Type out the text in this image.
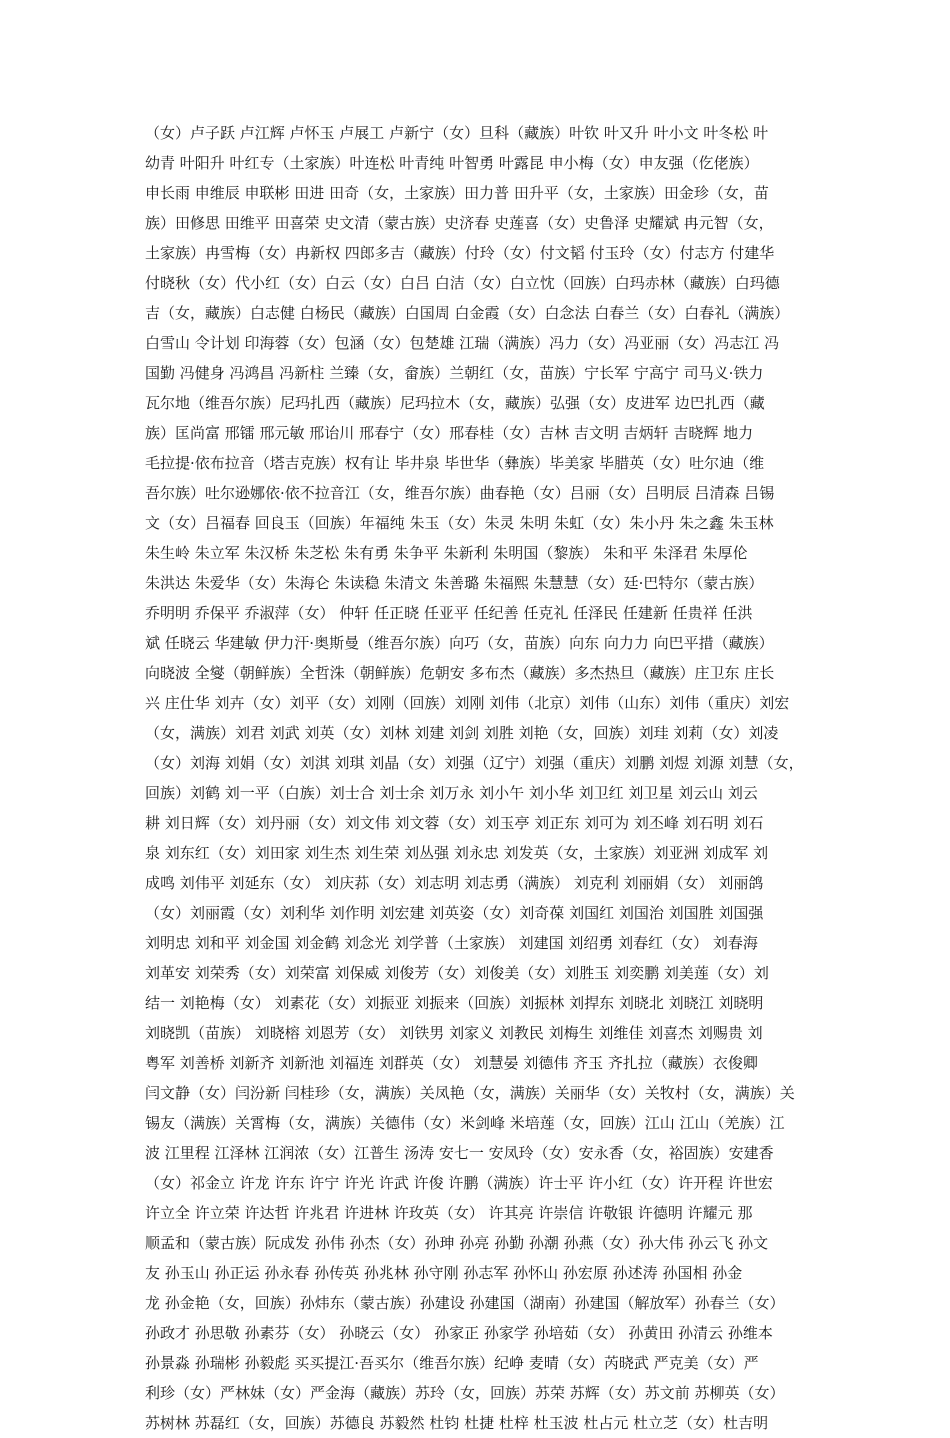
（女）卢子跃 卢江辉 卢怀玉 卢展工 卢新宁（女）旦科（藏族）叶钦 叶又升 叶小文 叶冬松 叶
幼青 叶阳升 叶红专（土家族）叶连松 叶青纯 叶智勇 叶露昆 申小梅（女）申友强（仡佬族）
申长雨 申维辰 申联彬 田进 田奇（女，土家族）田力普 田升平（女，土家族）田金珍（女，苗
族）田修思 田维平 田喜荣 史文清（蒙古族）史济春 史莲喜（女）史鲁泽 史耀斌 冉元智（女，
土家族）冉雪梅（女）冉新权 四郎多吉（藏族）付玲（女）付文韬 付玉玲（女）付志方 付建华
付晓秋（女）代小红（女）白云（女）白吕 白洁（女）白立忱（回族）白玛赤林（藏族）白玛德
吉（女，藏族）白志健 白杨民（藏族）白国周 白金霞（女）白念法 白春兰（女）白春礼（满族）
白雪山 令计划 印海蓉（女）包涵（女）包楚雄 江瑞（满族）冯力（女）冯亚丽（女）冯志江 冯
国勤 冯健身 冯鸿昌 冯新柱 兰臻（女，畲族）兰朝红（女，苗族）宁长军 宁高宁 司马义·铁力
瓦尔地（维吾尔族）尼玛扎西（藏族）尼玛拉木（女，藏族）弘强（女）皮进军 边巴扎西（藏
族）匡尚富 邢镭 邢元敏 邢诒川 邢春宁（女）邢春桂（女）吉林 吉文明 吉炳轩 吉晓辉 地力
毛拉提·依布拉音（塔吉克族）权有让 毕井泉 毕世华（彝族）毕美家 毕腊英（女）吐尔迪（维
吾尔族）吐尔逊娜依·依不拉音江（女，维吾尔族）曲春艳（女）吕丽（女）吕明辰 吕清森 吕锡
文（女）吕福春 回良玉（回族）年福纯 朱玉（女）朱灵 朱明 朱虹（女）朱小丹 朱之鑫 朱玉林
朱生岭 朱立军 朱汉桥 朱芝松 朱有勇 朱争平 朱新利 朱明国（黎族） 朱和平 朱泽君 朱厚伦
朱洪达 朱爱华（女）朱海仑 朱读稳 朱清文 朱善璐 朱福熙 朱慧慧（女）廷·巴特尔（蒙古族）
乔明明 乔保平 乔淑萍（女） 仲轩 任正晓 任亚平 任纪善 任克礼 任泽民 任建新 任贵祥 任洪
斌 任晓云 华建敏 伊力汗·奥斯曼（维吾尔族）向巧（女，苗族）向东 向力力 向巴平措（藏族）
向晓波 全燮（朝鲜族）全哲洙（朝鲜族）危朝安 多布杰（藏族）多杰热旦（藏族）庄卫东 庄长
兴 庄仕华 刘卉（女）刘平（女）刘刚（回族）刘刚 刘伟（北京）刘伟（山东）刘伟（重庆）刘宏
（女，满族）刘君 刘武 刘英（女）刘林 刘建 刘剑 刘胜 刘艳（女，回族）刘珪 刘莉（女）刘凌
（女）刘海 刘娟（女）刘淇 刘琪 刘晶（女）刘强（辽宁）刘强（重庆）刘鹏 刘煜 刘源 刘慧（女，
回族）刘鹤 刘一平（白族）刘士合 刘士余 刘万永 刘小午 刘小华 刘卫红 刘卫星 刘云山 刘云
耕 刘日辉（女）刘丹丽（女）刘文伟 刘文蓉（女）刘玉亭 刘正东 刘可为 刘丕峰 刘石明 刘石
泉 刘东红（女）刘田家 刘生杰 刘生荣 刘丛强 刘永忠 刘发英（女，土家族）刘亚洲 刘成军 刘
成鸣 刘伟平 刘延东（女） 刘庆荪（女）刘志明 刘志勇（满族） 刘克利 刘丽娟（女） 刘丽鸽
（女）刘丽霞（女）刘利华 刘作明 刘宏建 刘英姿（女）刘奇葆 刘国红 刘国治 刘国胜 刘国强
刘明忠 刘和平 刘金国 刘金鹤 刘念光 刘学普（土家族） 刘建国 刘绍勇 刘春红（女） 刘春海
刘革安 刘荣秀（女）刘荣富 刘保威 刘俊芳（女）刘俊美（女）刘胜玉 刘奕鹏 刘美莲（女）刘
结一 刘艳梅（女） 刘素花（女）刘振亚 刘振来（回族）刘振林 刘捍东 刘晓北 刘晓江 刘晓明
刘晓凯（苗族） 刘晓榕 刘恩芳（女） 刘铁男 刘家义 刘教民 刘梅生 刘维佳 刘喜杰 刘赐贵 刘
粤军 刘善桥 刘新齐 刘新池 刘福连 刘群英（女） 刘慧晏 刘德伟 齐玉 齐扎拉（藏族）衣俊卿
闫文静（女）闫汾新 闫桂珍（女，满族）关凤艳（女，满族）关丽华（女）关牧村（女，满族）关
锡友（满族）关霄梅（女，满族）关德伟（女）米剑峰 米培莲（女，回族）江山 江山（羌族）江
波 江里程 江泽林 江润浓（女）江普生 汤涛 安七一 安凤玲（女）安永香（女，裕固族）安建香
（女）祁金立 许龙 许东 许宁 许光 许武 许俊 许鹏（满族）许士平 许小红（女）许开程 许世宏
许立全 许立荣 许达哲 许兆君 许进林 许玫英（女） 许其亮 许崇信 许敬银 许德明 许耀元 那
顺孟和（蒙古族）阮成发 孙伟 孙杰（女）孙珅 孙亮 孙勤 孙潮 孙燕（女）孙大伟 孙云飞 孙文
友 孙玉山 孙正运 孙永春 孙传英 孙兆林 孙守刚 孙志军 孙怀山 孙宏原 孙述涛 孙国相 孙金
龙 孙金艳（女，回族）孙炜东（蒙古族）孙建设 孙建国（湖南）孙建国（解放军）孙春兰（女）
孙政才 孙思敬 孙素芬（女） 孙晓云（女） 孙家正 孙家学 孙培茹（女） 孙黄田 孙清云 孙维本
孙景淼 孙瑞彬 孙毅彪 买买提江·吾买尔（维吾尔族）纪峥 麦晴（女）芮晓武 严克美（女）严
利珍（女）严林妹（女）严金海（藏族）苏玲（女，回族）苏荣 苏辉（女）苏文前 苏柳英（女）
苏树林 苏磊红（女，回族）苏德良 苏毅然 杜钧 杜捷 杜梓 杜玉波 杜占元 杜立芝（女）杜吉明
